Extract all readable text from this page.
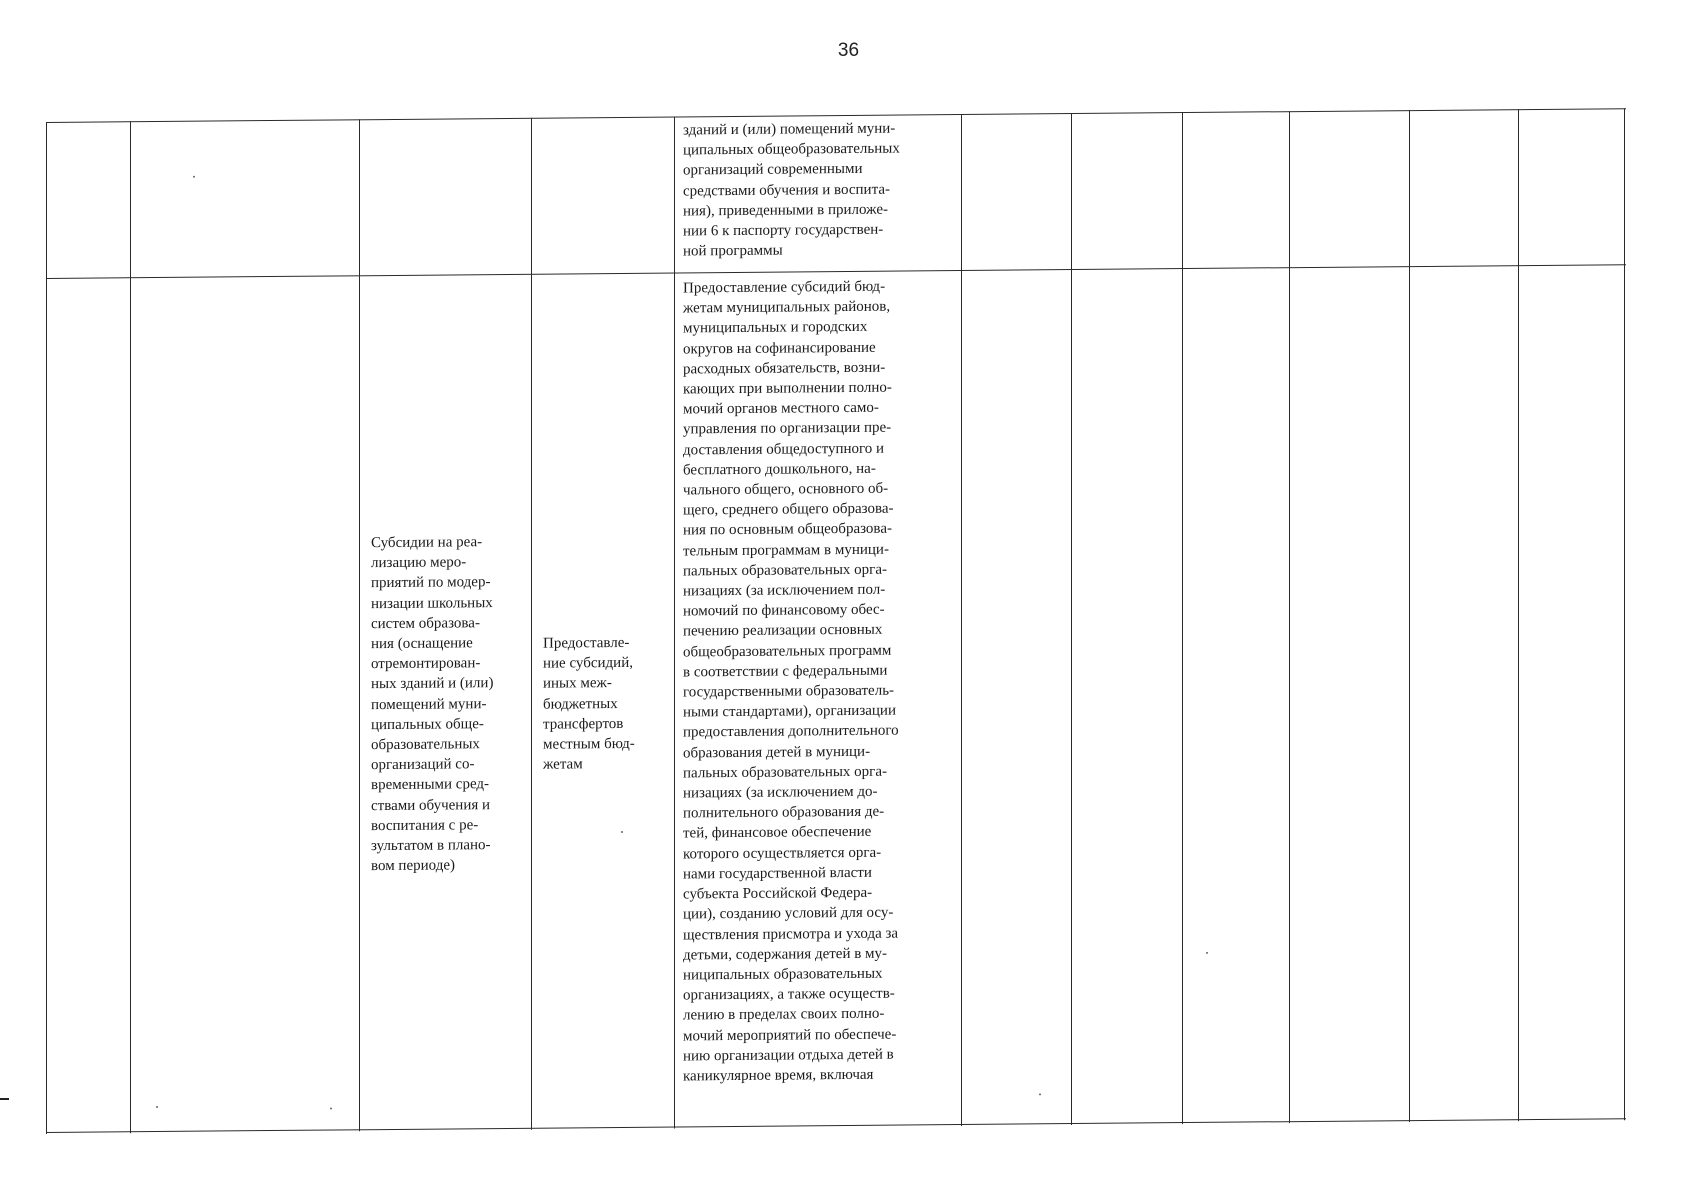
36
зданий и (или) помещений муни-
ципальных общеобразовательных
организаций современными
средствами обучения и воспита-
ния), приведенными в приложе-
нии 6 к паспорту государствен-
ной программы
Субсидии на реа-
лизацию меро-
приятий по модер-
низации школьных
систем образова-
ния (оснащение
отремонтирован-
ных зданий и (или)
помещений муни-
ципальных обще-
образовательных
организаций со-
временными сред-
ствами обучения и
воспитания с ре-
зультатом в плано-
вом периоде)
Предоставле-
ние субсидий,
иных меж-
бюджетных
трансфертов
местным бюд-
жетам
Предоставление субсидий бюд-
жетам муниципальных районов,
муниципальных и городских
округов на софинансирование
расходных обязательств, возни-
кающих при выполнении полно-
мочий органов местного само-
управления по организации пре-
доставления общедоступного и
бесплатного дошкольного, на-
чального общего, основного об-
щего, среднего общего образова-
ния по основным общеобразова-
тельным программам в муници-
пальных образовательных орга-
низациях (за исключением пол-
номочий по финансовому обес-
печению реализации основных
общеобразовательных программ
в соответствии с федеральными
государственными образователь-
ными стандартами), организации
предоставления дополнительного
образования детей в муници-
пальных образовательных орга-
низациях (за исключением до-
полнительного образования де-
тей, финансовое обеспечение
которого осуществляется орга-
нами государственной власти
субъекта Российской Федера-
ции), созданию условий для осу-
ществления присмотра и ухода за
детьми, содержания детей в му-
ниципальных образовательных
организациях, а также осуществ-
лению в пределах своих полно-
мочий мероприятий по обеспече-
нию организации отдыха детей в
каникулярное время, включая
